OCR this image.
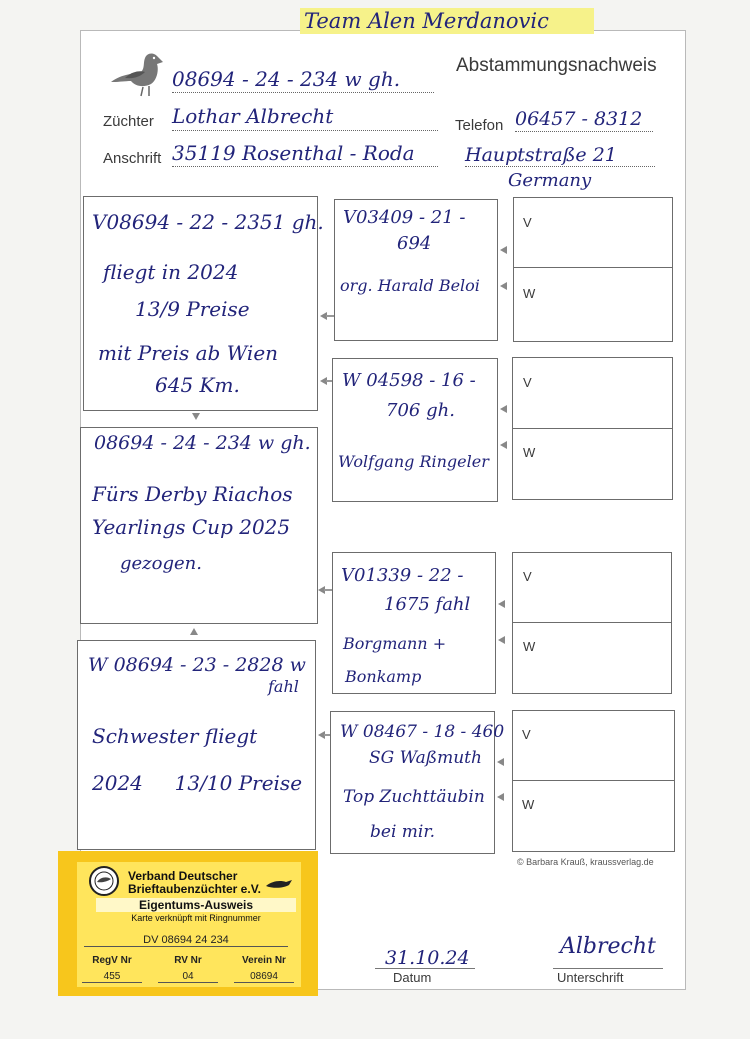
Team Alen Merdanovic
08694 - 24 - 234 w gh.
Abstammungsnachweis
Züchter Lothar Albrecht	Telefon 06457 - 8312
Anschrift 35119 Rosenthal - Roda	Hauptstraße 21
Germany
V08694 - 22 - 2351 gh.
fliegt in 2024
13/9 Preise
mit Preis ab Wien
645 Km.
08694 - 24 - 234 w gh.
Fürs Derby Riachos
Yearlings Cup 2025
gezogen.
W 08694 - 23 - 2828 w
fahl
Schwester fliegt
2024     13/10 Preise
V03409 - 21 -
694
org. Harald Beloi
W 04598 - 16 -
706 gh.
Wolfgang Ringeler
V01339 - 22 -
1675 fahl
Borgmann +
Bonkamp
W 08467 - 18 - 460
SG Waßmuth
Top Zuchttäubin
bei mir.
V
W
V
W
V
W
V
W
© Barbara Krauß, kraussverlag.de
31.10.24
Datum
Albrecht
Unterschrift
Verband Deutscher
Brieftaubenzüchter e.V.
Eigentums-Ausweis
Karte verknüpft mit Ringnummer
DV 08694 24 234
RegV Nr	RV Nr	Verein Nr
455	04	08694
